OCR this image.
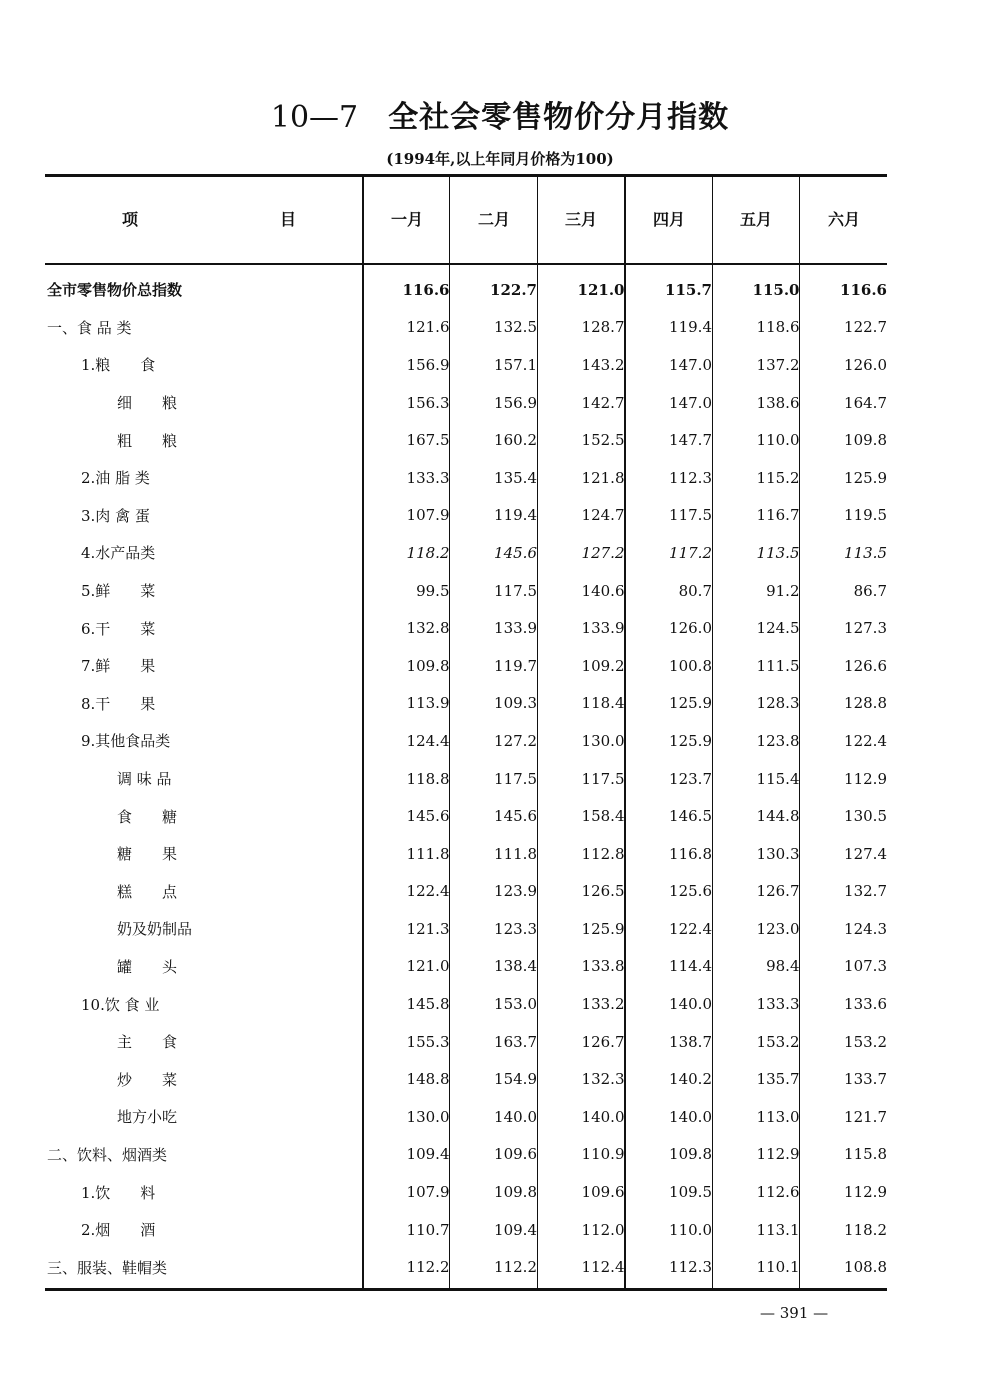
10—7 全社会零售物价分月指数
(1994年,以上年同月价格为100)
项	目	一月	二月	三月	四月	五月	六月
全市零售物价总指数	116.6	122.7	121.0	115.7	115.0	116.6
一、食 品 类	121.6	132.5	128.7	119.4	118.6	122.7
1.粮　　食	156.9	157.1	143.2	147.0	137.2	126.0
细　　粮	156.3	156.9	142.7	147.0	138.6	164.7
粗　　粮	167.5	160.2	152.5	147.7	110.0	109.8
2.油 脂 类	133.3	135.4	121.8	112.3	115.2	125.9
3.肉 禽 蛋	107.9	119.4	124.7	117.5	116.7	119.5
4.水产品类	118.2	145.6	127.2	117.2	113.5	113.5
5.鲜　　菜	99.5	117.5	140.6	80.7	91.2	86.7
6.干　　菜	132.8	133.9	133.9	126.0	124.5	127.3
7.鲜　　果	109.8	119.7	109.2	100.8	111.5	126.6
8.干　　果	113.9	109.3	118.4	125.9	128.3	128.8
9.其他食品类	124.4	127.2	130.0	125.9	123.8	122.4
调 味 品	118.8	117.5	117.5	123.7	115.4	112.9
食　　糖	145.6	145.6	158.4	146.5	144.8	130.5
糖　　果	111.8	111.8	112.8	116.8	130.3	127.4
糕　　点	122.4	123.9	126.5	125.6	126.7	132.7
奶及奶制品	121.3	123.3	125.9	122.4	123.0	124.3
罐　　头	121.0	138.4	133.8	114.4	98.4	107.3
10.饮 食 业	145.8	153.0	133.2	140.0	133.3	133.6
主　　食	155.3	163.7	126.7	138.7	153.2	153.2
炒　　菜	148.8	154.9	132.3	140.2	135.7	133.7
地方小吃	130.0	140.0	140.0	140.0	113.0	121.7
二、饮料、烟酒类	109.4	109.6	110.9	109.8	112.9	115.8
1.饮　　料	107.9	109.8	109.6	109.5	112.6	112.9
2.烟　　酒	110.7	109.4	112.0	110.0	113.1	118.2
三、服装、鞋帽类	112.2	112.2	112.4	112.3	110.1	108.8
— 391 —
